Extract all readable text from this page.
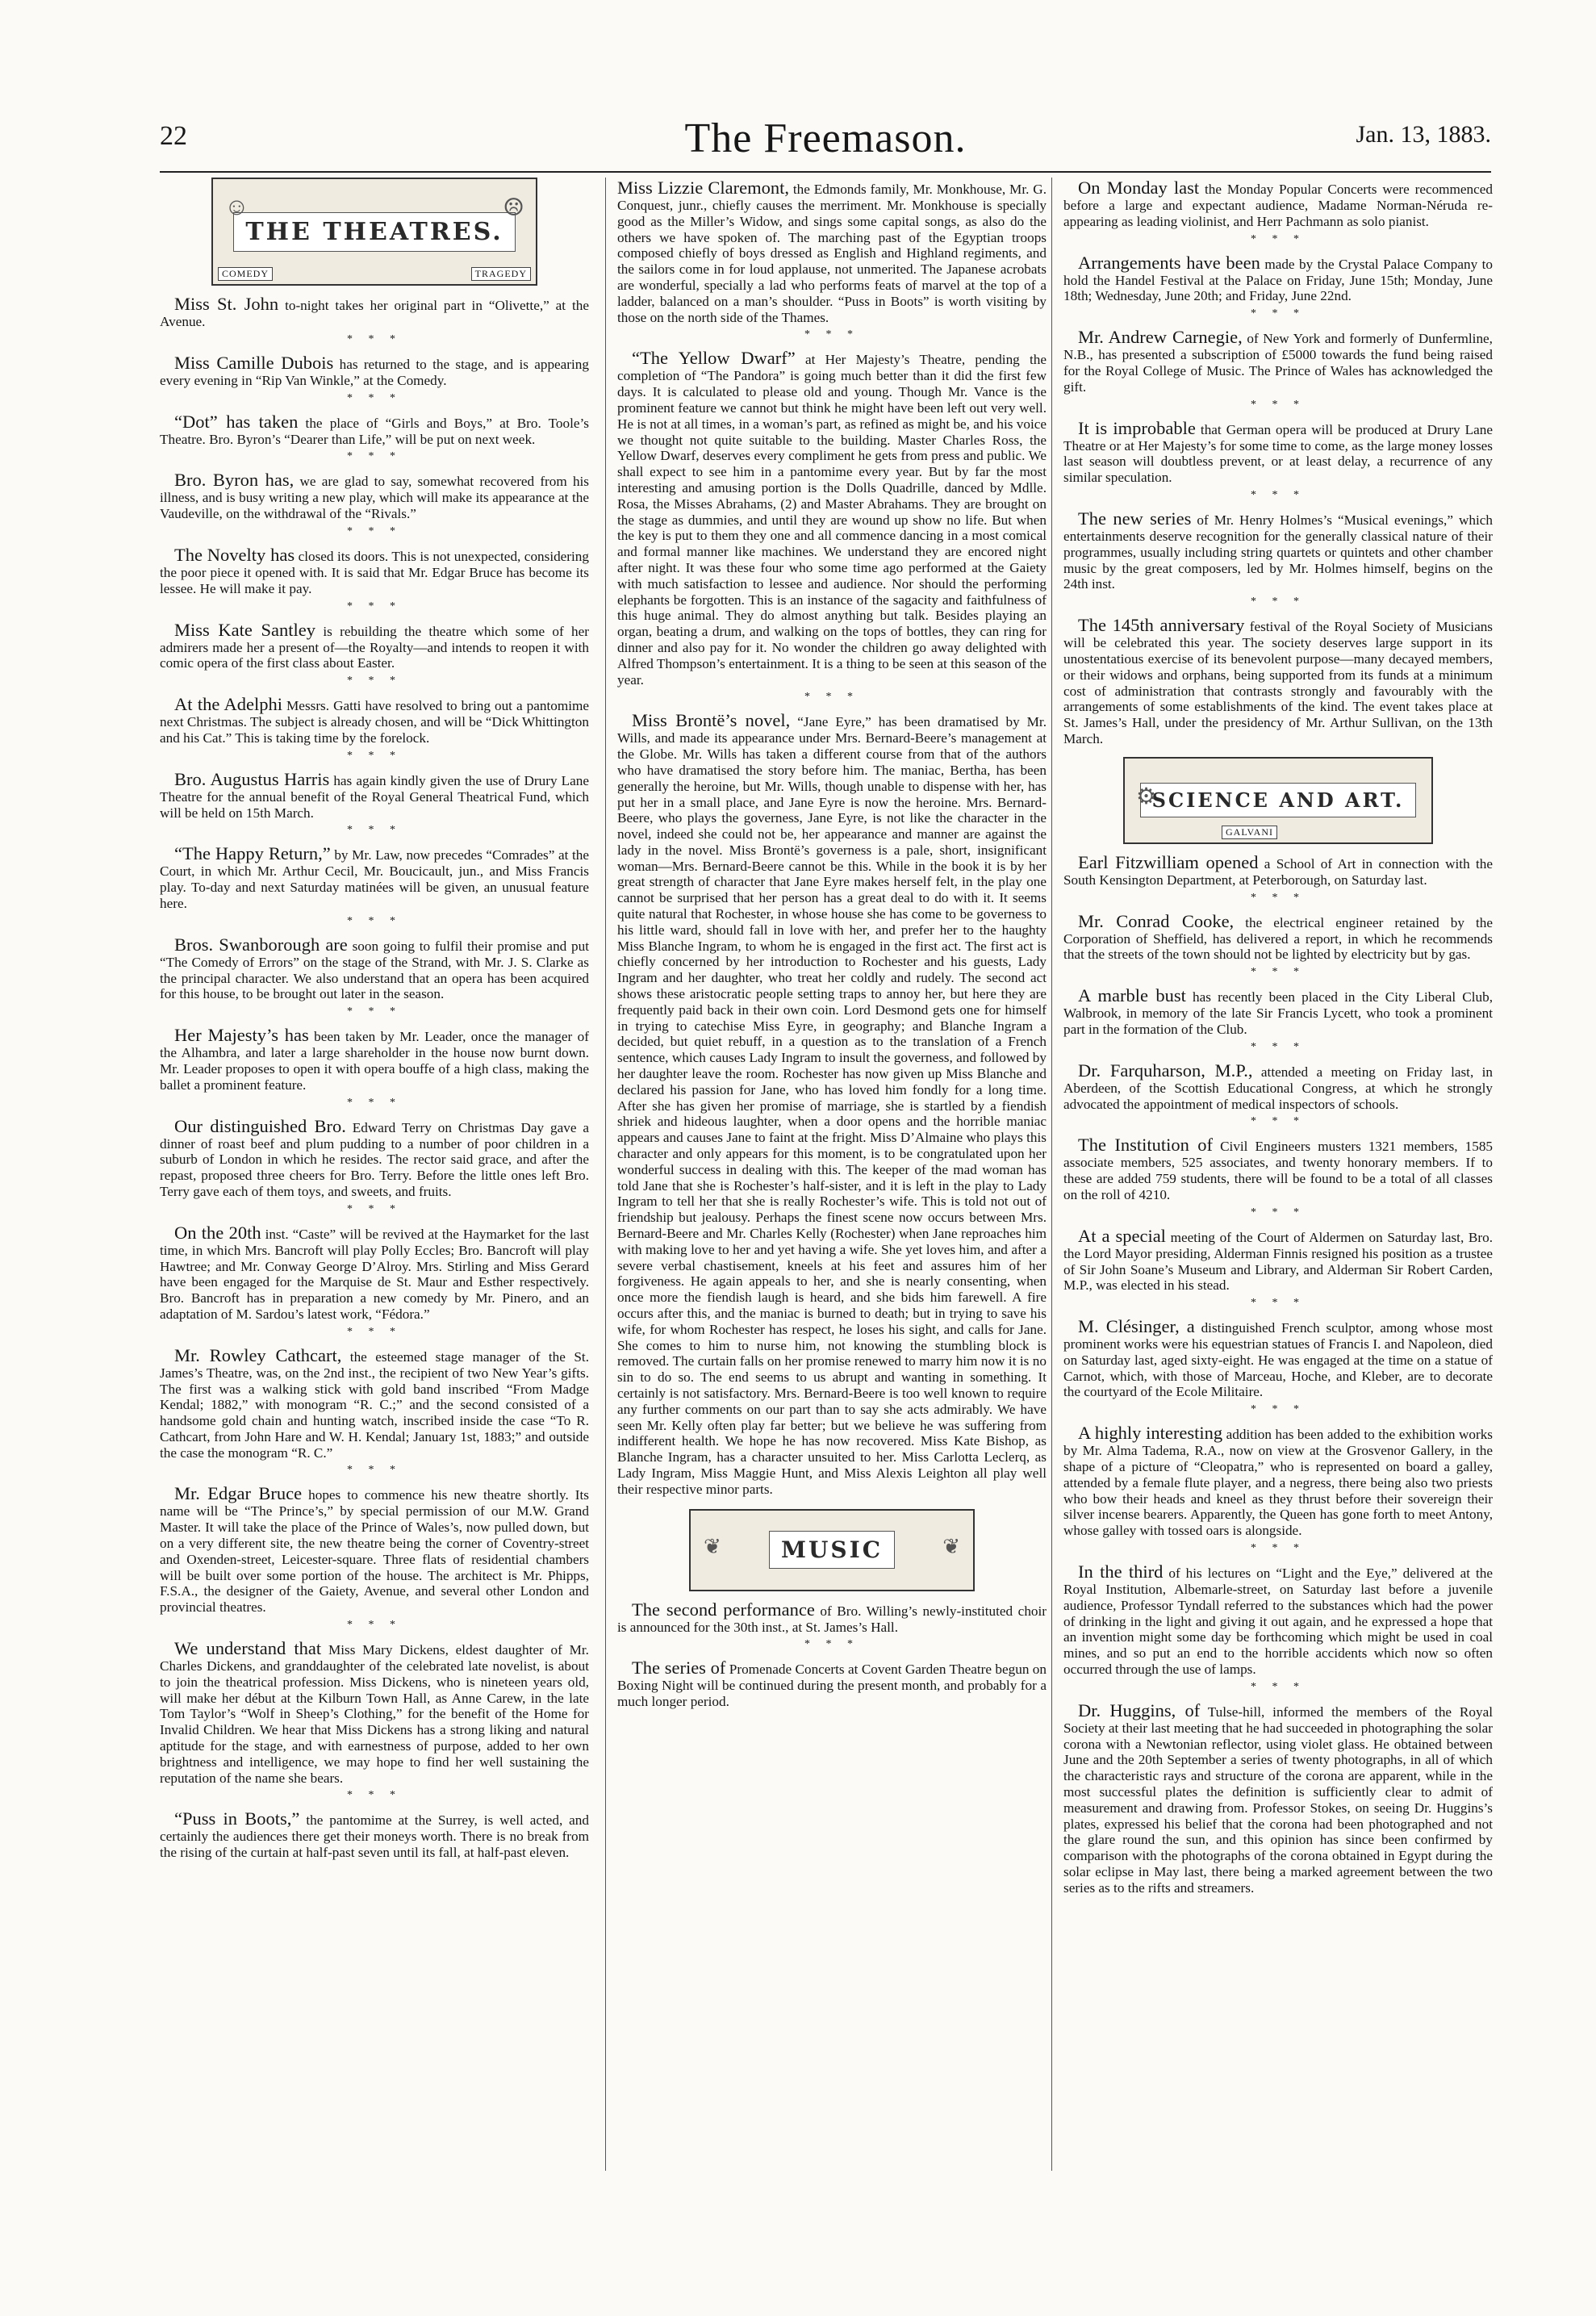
22	The Freemason.	Jan. 13, 1883.
☺	☹
THE THEATRES.
COMEDY	TRAGEDY

Miss St. John to-night takes her original part in “Olivette,” at the Avenue.

* * *

Miss Camille Dubois has returned to the stage, and is appearing every evening in “Rip Van Winkle,” at the Comedy.

* * *

“Dot” has taken the place of “Girls and Boys,” at Bro. Toole’s Theatre. Bro. Byron’s “Dearer than Life,” will be put on next week.

* * *

Bro. Byron has, we are glad to say, somewhat recovered from his illness, and is busy writing a new play, which will make its appearance at the Vaudeville, on the withdrawal of the “Rivals.”

* * *

The Novelty has closed its doors. This is not unexpected, considering the poor piece it opened with. It is said that Mr. Edgar Bruce has become its lessee. He will make it pay.

* * *

Miss Kate Santley is rebuilding the theatre which some of her admirers made her a present of—the Royalty—and intends to reopen it with comic opera of the first class about Easter.

* * *

At the Adelphi Messrs. Gatti have resolved to bring out a pantomime next Christmas. The subject is already chosen, and will be “Dick Whittington and his Cat.” This is taking time by the forelock.

* * *

Bro. Augustus Harris has again kindly given the use of Drury Lane Theatre for the annual benefit of the Royal General Theatrical Fund, which will be held on 15th March.

* * *

“The Happy Return,” by Mr. Law, now precedes “Comrades” at the Court, in which Mr. Arthur Cecil, Mr. Boucicault, jun., and Miss Francis play. To-day and next Saturday matinées will be given, an unusual feature here.

* * *

Bros. Swanborough are soon going to fulfil their promise and put “The Comedy of Errors” on the stage of the Strand, with Mr. J. S. Clarke as the principal character. We also understand that an opera has been acquired for this house, to be brought out later in the season.

* * *

Her Majesty’s has been taken by Mr. Leader, once the manager of the Alhambra, and later a large shareholder in the house now burnt down. Mr. Leader proposes to open it with opera bouffe of a high class, making the ballet a prominent feature.

* * *

Our distinguished Bro. Edward Terry on Christmas Day gave a dinner of roast beef and plum pudding to a number of poor children in a suburb of London in which he resides. The rector said grace, and after the repast, proposed three cheers for Bro. Terry. Before the little ones left Bro. Terry gave each of them toys, and sweets, and fruits.

* * *

On the 20th inst. “Caste” will be revived at the Haymarket for the last time, in which Mrs. Bancroft will play Polly Eccles; Bro. Bancroft will play Hawtree; and Mr. Conway George D’Alroy. Mrs. Stirling and Miss Gerard have been engaged for the Marquise de St. Maur and Esther respectively. Bro. Bancroft has in preparation a new comedy by Mr. Pinero, and an adaptation of M. Sardou’s latest work, “Fédora.”

* * *

Mr. Rowley Cathcart, the esteemed stage manager of the St. James’s Theatre, was, on the 2nd inst., the recipient of two New Year’s gifts. The first was a walking stick with gold band inscribed “From Madge Kendal; 1882,” with monogram “R. C.;” and the second consisted of a handsome gold chain and hunting watch, inscribed inside the case “To R. Cathcart, from John Hare and W. H. Kendal; January 1st, 1883;” and outside the case the monogram “R. C.”

* * *

Mr. Edgar Bruce hopes to commence his new theatre shortly. Its name will be “The Prince’s,” by special permission of our M.W. Grand Master. It will take the place of the Prince of Wales’s, now pulled down, but on a very different site, the new theatre being the corner of Coventry-street and Oxenden-street, Leicester-square. Three flats of residential chambers will be built over some portion of the house. The architect is Mr. Phipps, F.S.A., the designer of the Gaiety, Avenue, and several other London and provincial theatres.

* * *

We understand that Miss Mary Dickens, eldest daughter of Mr. Charles Dickens, and granddaughter of the celebrated late novelist, is about to join the theatrical profession. Miss Dickens, who is nineteen years old, will make her début at the Kilburn Town Hall, as Anne Carew, in the late Tom Taylor’s “Wolf in Sheep’s Clothing,” for the benefit of the Home for Invalid Children. We hear that Miss Dickens has a strong liking and natural aptitude for the stage, and with earnestness of purpose, added to her own brightness and intelligence, we may hope to find her well sustaining the reputation of the name she bears.

* * *

“Puss in Boots,” the pantomime at the Surrey, is well acted, and certainly the audiences there get their moneys worth. There is no break from the rising of the curtain at half-past seven until its fall, at half-past eleven.

Miss Lizzie Claremont, the Edmonds family, Mr. Monkhouse, Mr. G. Conquest, junr., chiefly causes the merriment. Mr. Monkhouse is specially good as the Miller’s Widow, and sings some capital songs, as also do the others we have spoken of. The marching past of the Egyptian troops composed chiefly of boys dressed as English and Highland regiments, and the sailors come in for loud applause, not unmerited. The Japanese acrobats are wonderful, specially a lad who performs feats of marvel at the top of a ladder, balanced on a man’s shoulder. “Puss in Boots” is worth visiting by those on the north side of the Thames.

* * *

“The Yellow Dwarf” at Her Majesty’s Theatre, pending the completion of “The Pandora” is going much better than it did the first few days. It is calculated to please old and young. Though Mr. Vance is the prominent feature we cannot but think he might have been left out very well. He is not at all times, in a woman’s part, as refined as might be, and his voice we thought not quite suitable to the building. Master Charles Ross, the Yellow Dwarf, deserves every compliment he gets from press and public. We shall expect to see him in a pantomime every year. But by far the most interesting and amusing portion is the Dolls Quadrille, danced by Mdlle. Rosa, the Misses Abrahams, (2) and Master Abrahams. They are brought on the stage as dummies, and until they are wound up show no life. But when the key is put to them they one and all commence dancing in a most comical and formal manner like machines. We understand they are encored night after night. It was these four who some time ago performed at the Gaiety with much satisfaction to lessee and audience. Nor should the performing elephants be forgotten. This is an instance of the sagacity and faithfulness of this huge animal. They do almost anything but talk. Besides playing an organ, beating a drum, and walking on the tops of bottles, they can ring for dinner and also pay for it. No wonder the children go away delighted with Alfred Thompson’s entertainment. It is a thing to be seen at this season of the year.

* * *

Miss Brontë’s novel, “Jane Eyre,” has been dramatised by Mr. Wills, and made its appearance under Mrs. Bernard-Beere’s management at the Globe. Mr. Wills has taken a different course from that of the authors who have dramatised the story before him. The maniac, Bertha, has been generally the heroine, but Mr. Wills, though unable to dispense with her, has put her in a small place, and Jane Eyre is now the heroine. Mrs. Bernard-Beere, who plays the governess, Jane Eyre, is not like the character in the novel, indeed she could not be, her appearance and manner are against the lady in the novel. Miss Brontë’s governess is a pale, short, insignificant woman—Mrs. Bernard-Beere cannot be this. While in the book it is by her great strength of character that Jane Eyre makes herself felt, in the play one cannot be surprised that her person has a great deal to do with it. It seems quite natural that Rochester, in whose house she has come to be governess to his little ward, should fall in love with her, and prefer her to the haughty Miss Blanche Ingram, to whom he is engaged in the first act. The first act is chiefly concerned by her introduction to Rochester and his guests, Lady Ingram and her daughter, who treat her coldly and rudely. The second act shows these aristocratic people setting traps to annoy her, but here they are frequently paid back in their own coin. Lord Desmond gets one for himself in trying to catechise Miss Eyre, in geography; and Blanche Ingram a decided, but quiet rebuff, in a question as to the translation of a French sentence, which causes Lady Ingram to insult the governess, and followed by her daughter leave the room. Rochester has now given up Miss Blanche and declared his passion for Jane, who has loved him fondly for a long time. After she has given her promise of marriage, she is startled by a fiendish shriek and hideous laughter, when a door opens and the horrible maniac appears and causes Jane to faint at the fright. Miss D’Almaine who plays this character and only appears for this moment, is to be congratulated upon her wonderful success in dealing with this. The keeper of the mad woman has told Jane that she is Rochester’s half-sister, and it is left in the play to Lady Ingram to tell her that she is really Rochester’s wife. This is told not out of friendship but jealousy. Perhaps the finest scene now occurs between Mrs. Bernard-Beere and Mr. Charles Kelly (Rochester) when Jane reproaches him with making love to her and yet having a wife. She yet loves him, and after a severe verbal chastisement, kneels at his feet and assures him of her forgiveness. He again appeals to her, and she is nearly consenting, when once more the fiendish laugh is heard, and she bids him farewell. A fire occurs after this, and the maniac is burned to death; but in trying to save his wife, for whom Rochester has respect, he loses his sight, and calls for Jane. She comes to him to nurse him, not knowing the stumbling block is removed. The curtain falls on her promise renewed to marry him now it is no sin to do so. The end seems to us abrupt and wanting in something. It certainly is not satisfactory. Mrs. Bernard-Beere is too well known to require any further comments on our part than to say she acts admirably. We have seen Mr. Kelly often play far better; but we believe he was suffering from indifferent health. We hope he has now recovered. Miss Kate Bishop, as Blanche Ingram, has a character unsuited to her. Miss Carlotta Leclerq, as Lady Ingram, Miss Maggie Hunt, and Miss Alexis Leighton all play well their respective minor parts.

❦	❦
MUSIC

The second performance of Bro. Willing’s newly-instituted choir is announced for the 30th inst., at St. James’s Hall.

* * *

The series of Promenade Concerts at Covent Garden Theatre begun on Boxing Night will be continued during the present month, and probably for a much longer period.

On Monday last the Monday Popular Concerts were recommenced before a large and expectant audience, Madame Norman-Néruda re-appearing as leading violinist, and Herr Pachmann as solo pianist.

* * *

Arrangements have been made by the Crystal Palace Company to hold the Handel Festival at the Palace on Friday, June 15th; Monday, June 18th; Wednesday, June 20th; and Friday, June 22nd.

* * *

Mr. Andrew Carnegie, of New York and formerly of Dunfermline, N.B., has presented a subscription of £5000 towards the fund being raised for the Royal College of Music. The Prince of Wales has acknowledged the gift.

* * *

It is improbable that German opera will be produced at Drury Lane Theatre or at Her Majesty’s for some time to come, as the large money losses last season will doubtless prevent, or at least delay, a recurrence of any similar speculation.

* * *

The new series of Mr. Henry Holmes’s “Musical evenings,” which entertainments deserve recognition for the generally classical nature of their programmes, usually including string quartets or quintets and other chamber music by the great composers, led by Mr. Holmes himself, begins on the 24th inst.

* * *

The 145th anniversary festival of the Royal Society of Musicians will be celebrated this year. The society deserves large support in its unostentatious exercise of its benevolent purpose—many decayed members, or their widows and orphans, being supported from its funds at a minimum cost of administration that contrasts strongly and favourably with the arrangements of some establishments of the kind. The event takes place at St. James’s Hall, under the presidency of Mr. Arthur Sullivan, on the 13th March.

⚙
SCIENCE AND ART.
GALVANI

Earl Fitzwilliam opened a School of Art in connection with the South Kensington Department, at Peterborough, on Saturday last.

* * *

Mr. Conrad Cooke, the electrical engineer retained by the Corporation of Sheffield, has delivered a report, in which he recommends that the streets of the town should not be lighted by electricity but by gas.

* * *

A marble bust has recently been placed in the City Liberal Club, Walbrook, in memory of the late Sir Francis Lycett, who took a prominent part in the formation of the Club.

* * *

Dr. Farquharson, M.P., attended a meeting on Friday last, in Aberdeen, of the Scottish Educational Congress, at which he strongly advocated the appointment of medical inspectors of schools.

* * *

The Institution of Civil Engineers musters 1321 members, 1585 associate members, 525 associates, and twenty honorary members. If to these are added 759 students, there will be found to be a total of all classes on the roll of 4210.

* * *

At a special meeting of the Court of Aldermen on Saturday last, Bro. the Lord Mayor presiding, Alderman Finnis resigned his position as a trustee of Sir John Soane’s Museum and Library, and Alderman Sir Robert Carden, M.P., was elected in his stead.

* * *

M. Clésinger, a distinguished French sculptor, among whose most prominent works were his equestrian statues of Francis I. and Napoleon, died on Saturday last, aged sixty-eight. He was engaged at the time on a statue of Carnot, which, with those of Marceau, Hoche, and Kleber, are to decorate the courtyard of the Ecole Militaire.

* * *

A highly interesting addition has been added to the exhibition works by Mr. Alma Tadema, R.A., now on view at the Grosvenor Gallery, in the shape of a picture of “Cleopatra,” who is represented on board a galley, attended by a female flute player, and a negress, there being also two priests who bow their heads and kneel as they thrust before their sovereign their silver incense bearers. Apparently, the Queen has gone forth to meet Antony, whose galley with tossed oars is alongside.

* * *

In the third of his lectures on “Light and the Eye,” delivered at the Royal Institution, Albemarle-street, on Saturday last before a juvenile audience, Professor Tyndall referred to the substances which had the power of drinking in the light and giving it out again, and he expressed a hope that an invention might some day be forthcoming which might be used in coal mines, and so put an end to the horrible accidents which now so often occurred through the use of lamps.

* * *

Dr. Huggins, of Tulse-hill, informed the members of the Royal Society at their last meeting that he had succeeded in photographing the solar corona with a Newtonian reflector, using violet glass. He obtained between June and the 20th September a series of twenty photographs, in all of which the characteristic rays and structure of the corona are apparent, while in the most successful plates the definition is sufficiently clear to admit of measurement and drawing from. Professor Stokes, on seeing Dr. Huggins’s plates, expressed his belief that the corona had been photographed and not the glare round the sun, and this opinion has since been confirmed by comparison with the photographs of the corona obtained in Egypt during the solar eclipse in May last, there being a marked agreement between the two series as to the rifts and streamers.
